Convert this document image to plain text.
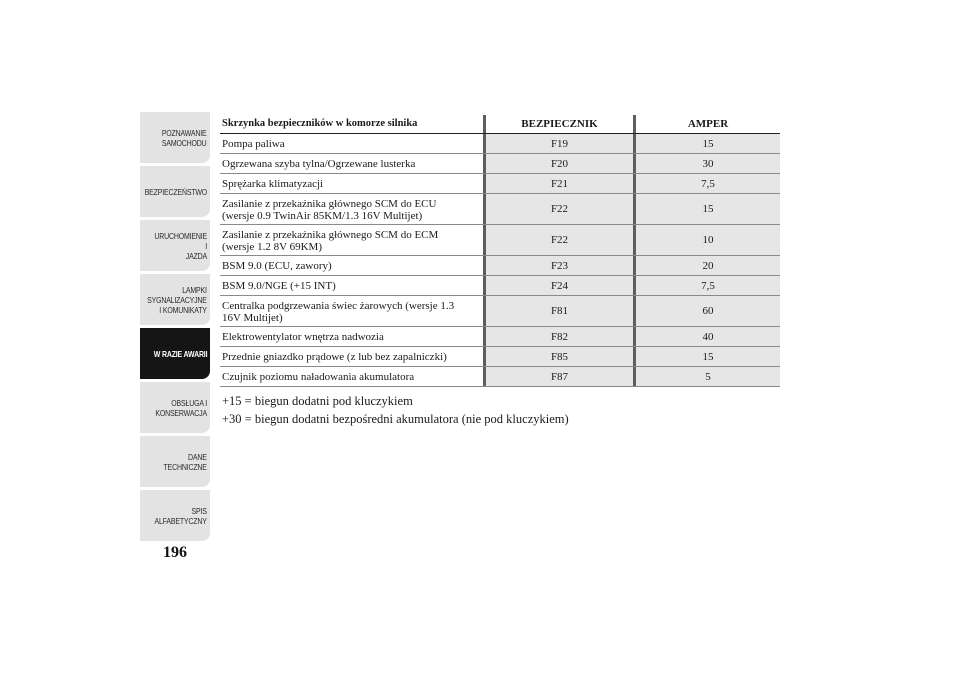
POZNAWANIE
SAMOCHODU
BEZPIECZEŃSTWO
URUCHOMIENIE I
JAZDA
LAMPKI
SYGNALIZACYJNE
I KOMUNIKATY
W RAZIE AWARII
OBSŁUGA I
KONSERWACJA
DANE
TECHNICZNE
SPIS
ALFABETYCZNY
196
Skrzynka bezpieczników w komorze silnika	BEZPIECZNIK	AMPER
Pompa paliwa	F19	15
Ogrzewana szyba tylna/Ogrzewane lusterka	F20	30
Sprężarka klimatyzacji	F21	7,5
Zasilanie z przekaźnika głównego SCM do ECU
(wersje 0.9 TwinAir 85KM/1.3 16V Multijet)
F22	15
Zasilanie z przekaźnika głównego SCM do ECM
(wersje 1.2 8V 69KM)
F22	10
BSM 9.0 (ECU, zawory)	F23	20
BSM 9.0/NGE (+15 INT)	F24	7,5
Centralka podgrzewania świec żarowych (wersje 1.3
16V Multijet)
F81	60
Elektrowentylator wnętrza nadwozia	F82	40
Przednie gniazdko prądowe (z lub bez zapalniczki)	F85	15
Czujnik poziomu naładowania akumulatora	F87	5
+15 = biegun dodatni pod kluczykiem
+30 = biegun dodatni bezpośredni akumulatora (nie pod kluczykiem)
